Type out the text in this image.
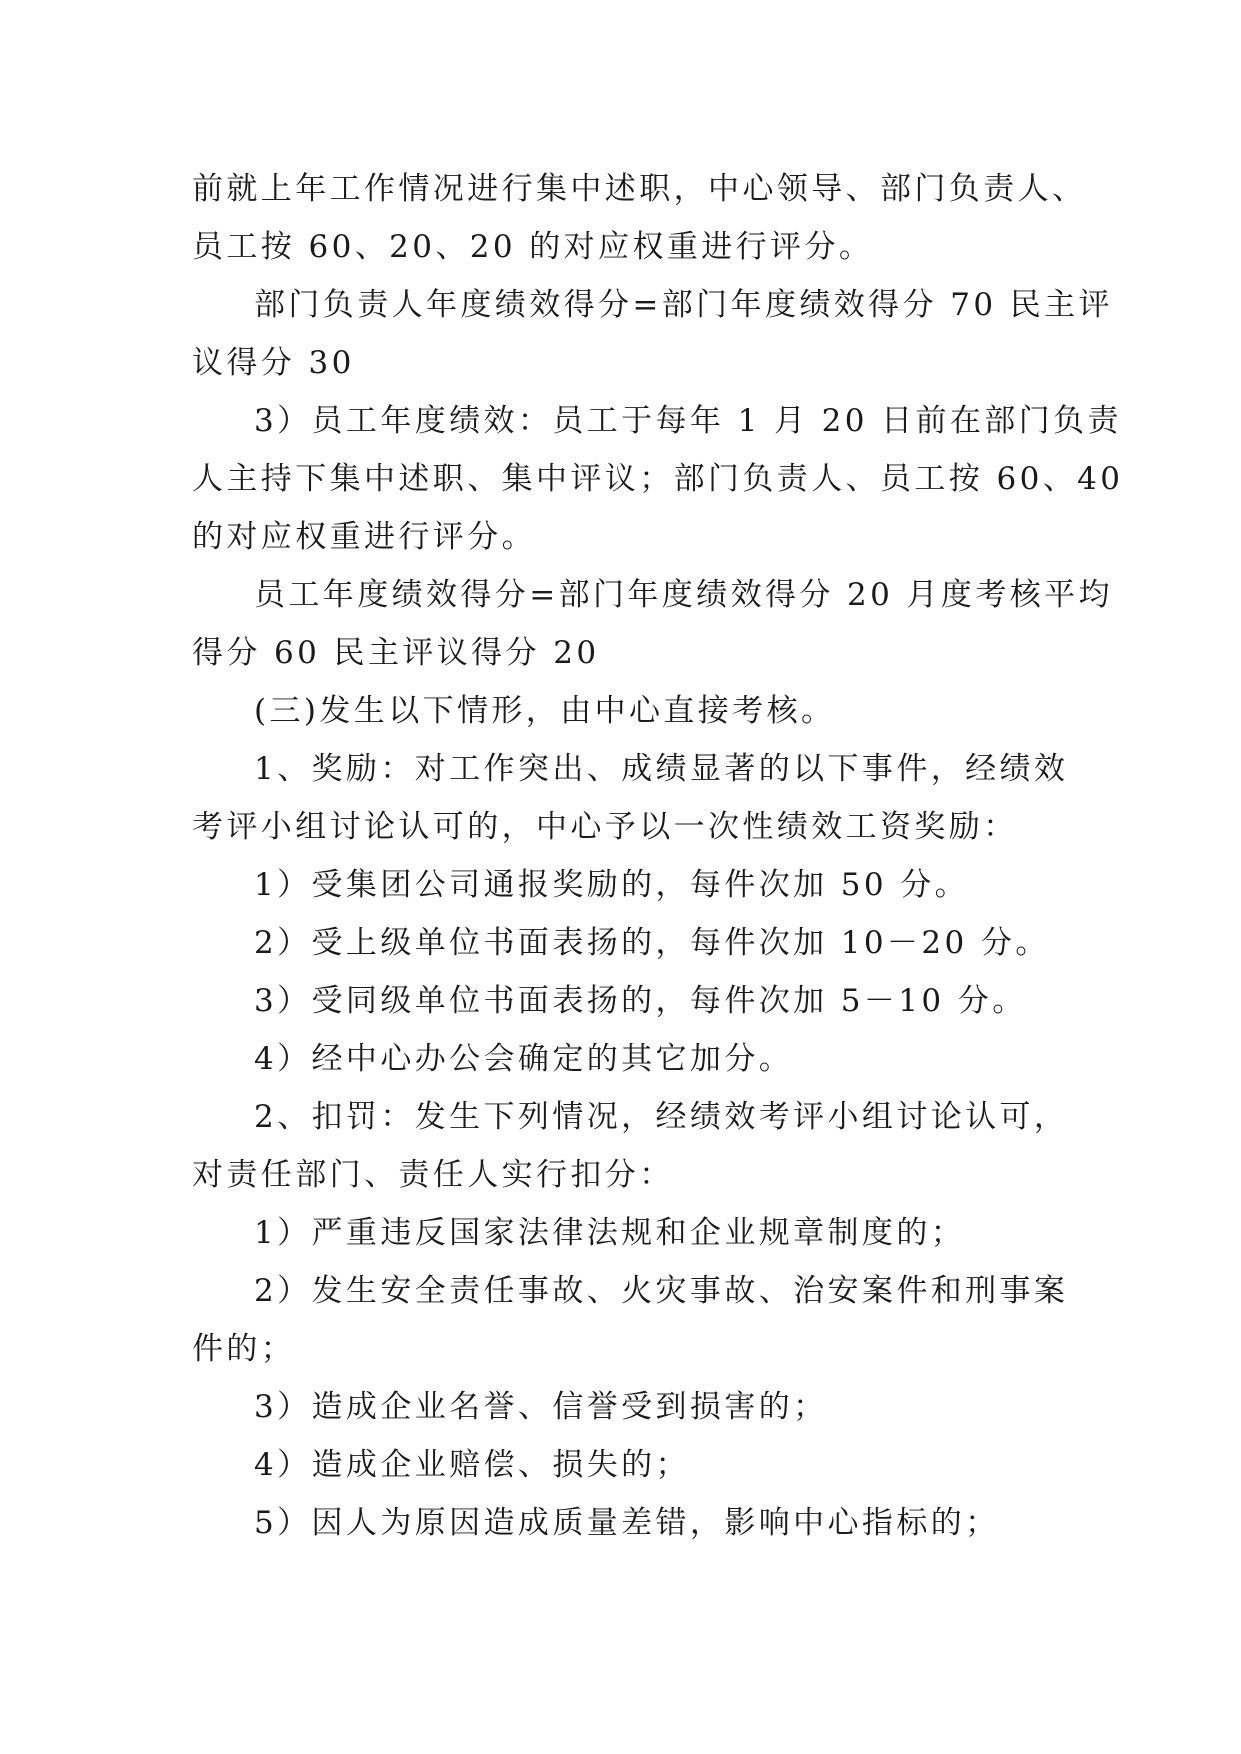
前就上年工作情况进行集中述职，中心领导、部门负责人、
员工按 60、20、20 的对应权重进行评分。
部门负责人年度绩效得分=部门年度绩效得分 70 民主评
议得分 30
3）员工年度绩效：员工于每年 1 月 20 日前在部门负责
人主持下集中述职、集中评议；部门负责人、员工按 60、40
的对应权重进行评分。
员工年度绩效得分=部门年度绩效得分 20 月度考核平均
得分 60 民主评议得分 20
(三)发生以下情形，由中心直接考核。
1、奖励：对工作突出、成绩显著的以下事件，经绩效
考评小组讨论认可的，中心予以一次性绩效工资奖励：
1）受集团公司通报奖励的，每件次加 50 分。
2）受上级单位书面表扬的，每件次加 10－20 分。
3）受同级单位书面表扬的，每件次加 5－10 分。
4）经中心办公会确定的其它加分。
2、扣罚：发生下列情况，经绩效考评小组讨论认可，
对责任部门、责任人实行扣分：
1）严重违反国家法律法规和企业规章制度的；
2）发生安全责任事故、火灾事故、治安案件和刑事案
件的；
3）造成企业名誉、信誉受到损害的；
4）造成企业赔偿、损失的；
5）因人为原因造成质量差错，影响中心指标的；
